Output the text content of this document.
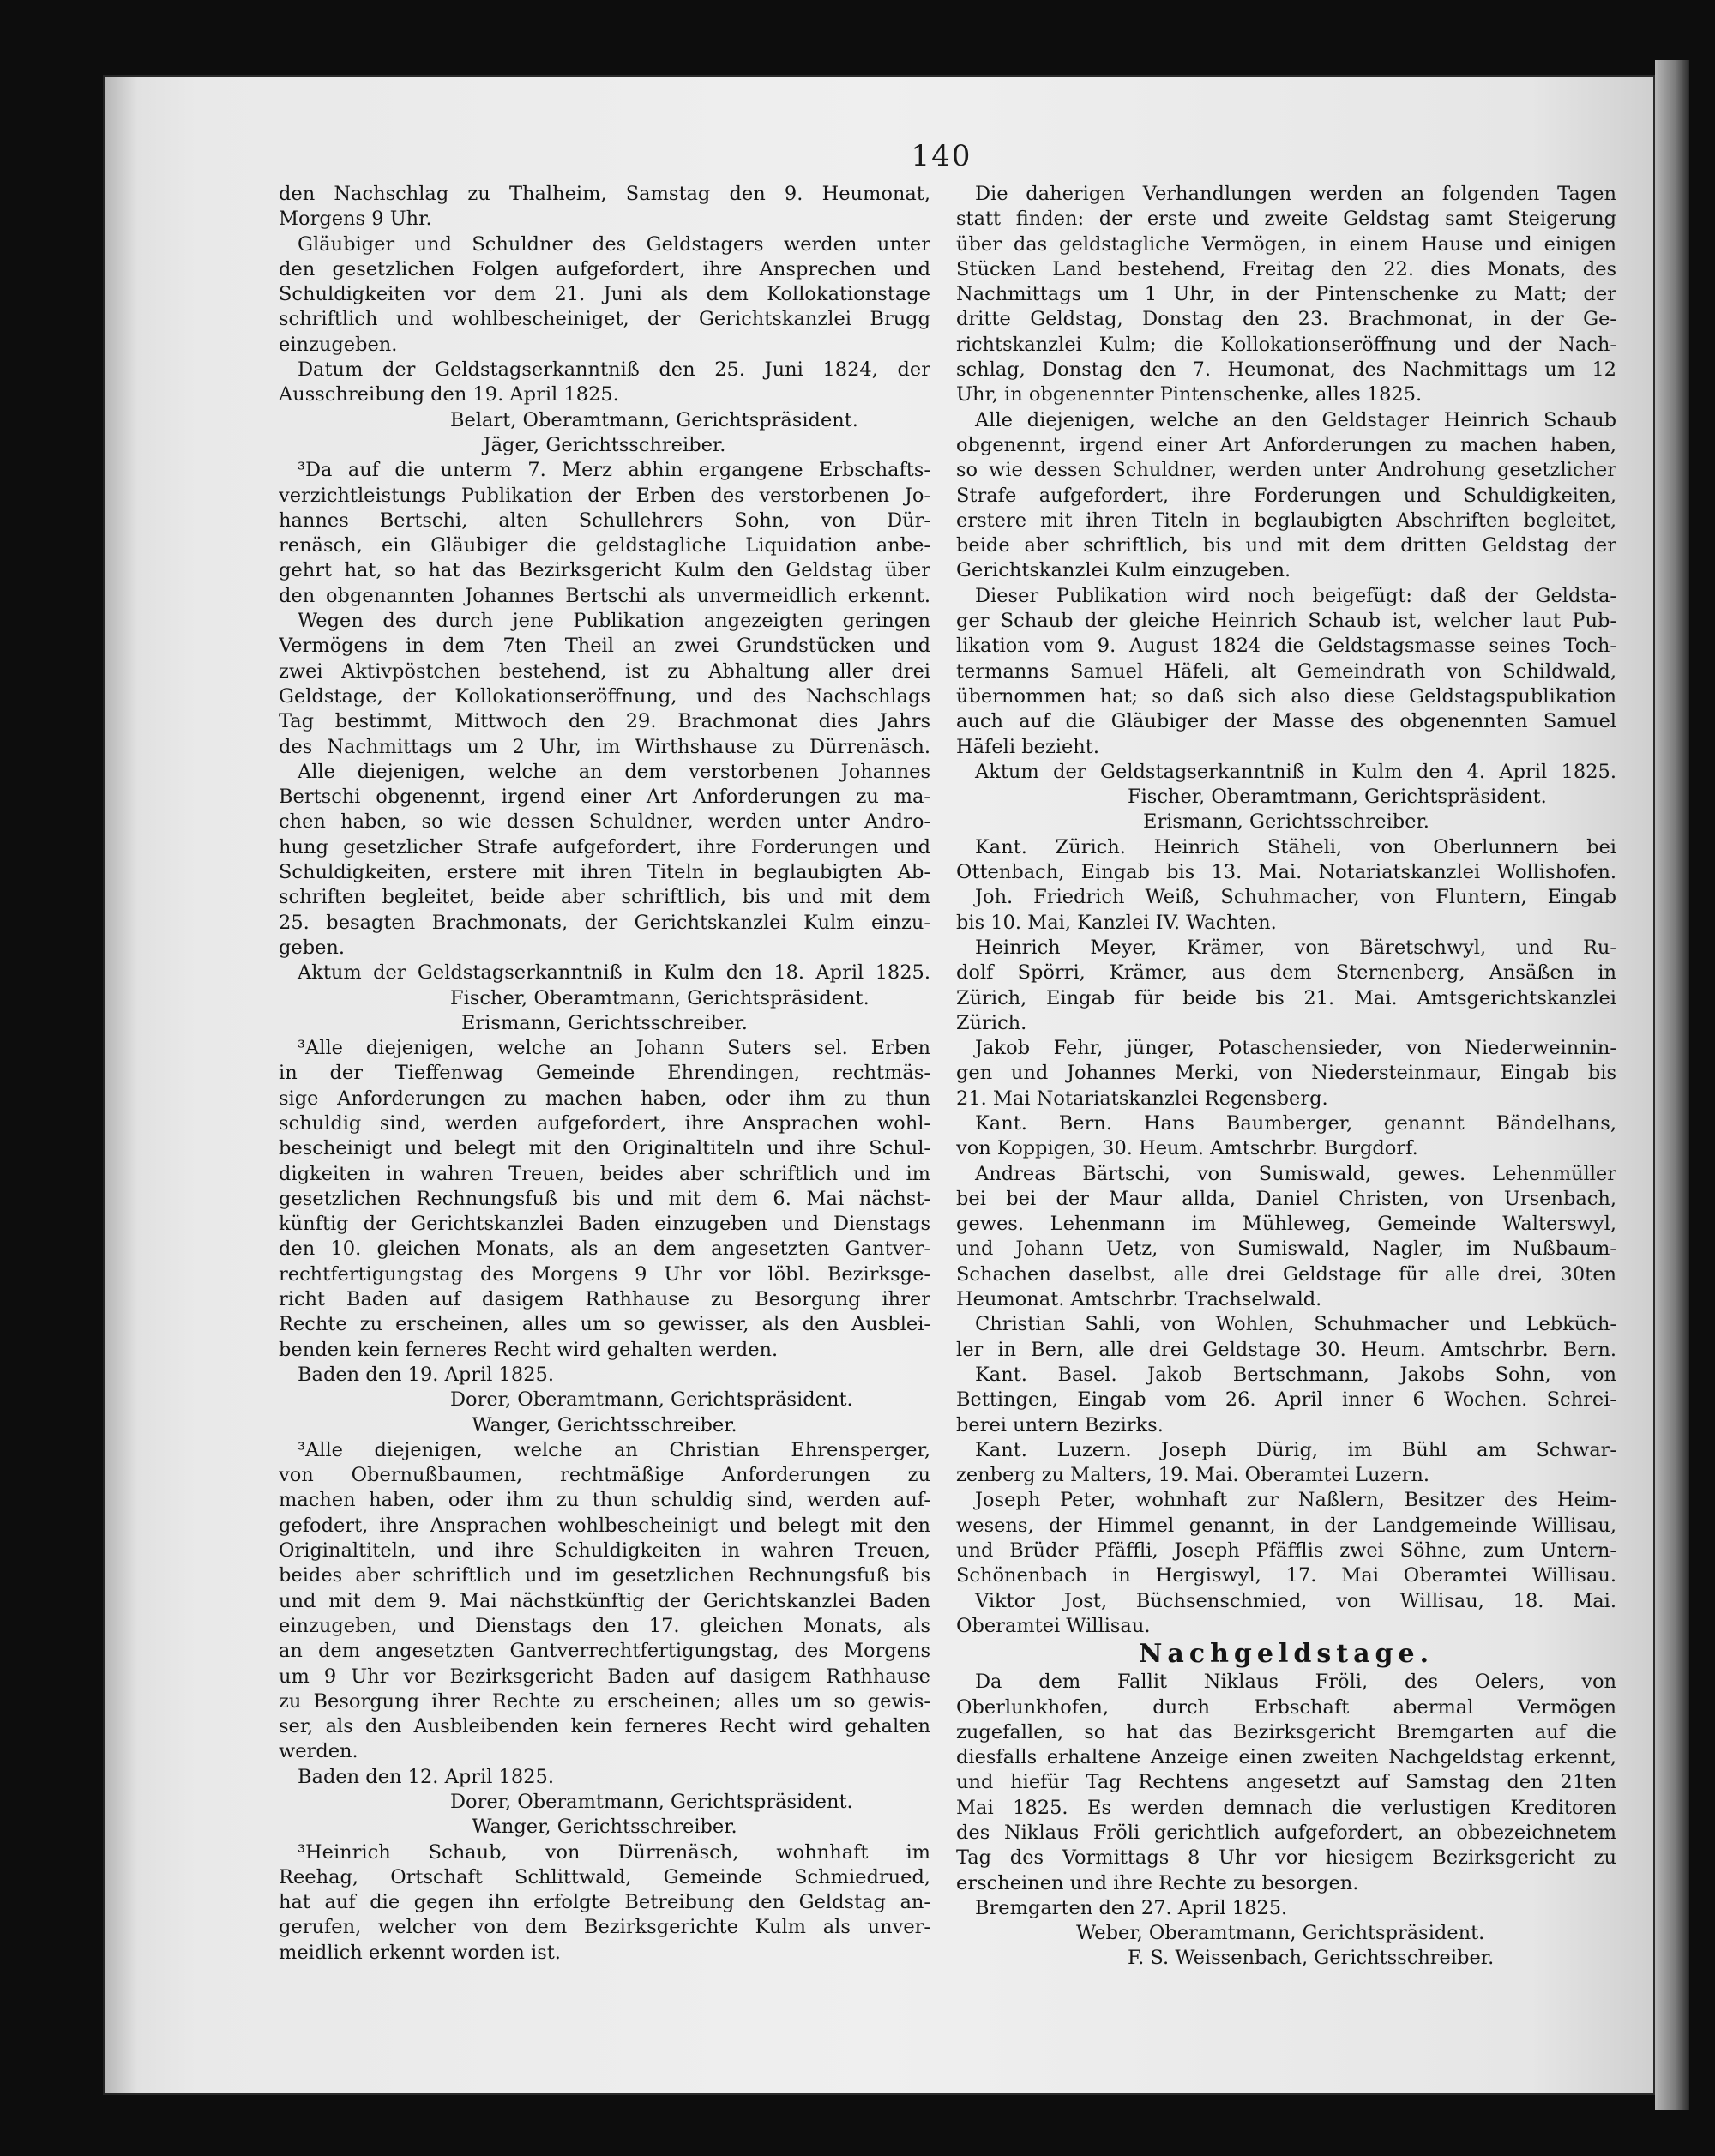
140
den Nachschlag zu Thalheim, Samstag den 9. Heumonat,
Morgens 9 Uhr.
Gläubiger und Schuldner des Geldstagers werden unter
den gesetzlichen Folgen aufgefordert, ihre Ansprechen und
Schuldigkeiten vor dem 21. Juni als dem Kollokationstage
schriftlich und wohlbescheiniget, der Gerichtskanzlei Brugg
einzugeben.
Datum der Geldstagserkanntniß den 25. Juni 1824, der
Ausschreibung den 19. April 1825.
Belart, Oberamtmann, Gerichtspräsident.
Jäger, Gerichtsschreiber.
³Da auf die unterm 7. Merz abhin ergangene Erbschafts-
verzichtleistungs Publikation der Erben des verstorbenen Jo-
hannes Bertschi, alten Schullehrers Sohn, von Dür-
renäsch, ein Gläubiger die geldstagliche Liquidation anbe-
gehrt hat, so hat das Bezirksgericht Kulm den Geldstag über
den obgenannten Johannes Bertschi als unvermeidlich erkennt.
Wegen des durch jene Publikation angezeigten geringen
Vermögens in dem 7ten Theil an zwei Grundstücken und
zwei Aktivpöstchen bestehend, ist zu Abhaltung aller drei
Geldstage, der Kollokationseröffnung, und des Nachschlags
Tag bestimmt, Mittwoch den 29. Brachmonat dies Jahrs
des Nachmittags um 2 Uhr, im Wirthshause zu Dürrenäsch.
Alle diejenigen, welche an dem verstorbenen Johannes
Bertschi obgenennt, irgend einer Art Anforderungen zu ma-
chen haben, so wie dessen Schuldner, werden unter Andro-
hung gesetzlicher Strafe aufgefordert, ihre Forderungen und
Schuldigkeiten, erstere mit ihren Titeln in beglaubigten Ab-
schriften begleitet, beide aber schriftlich, bis und mit dem
25. besagten Brachmonats, der Gerichtskanzlei Kulm einzu-
geben.
Aktum der Geldstagserkanntniß in Kulm den 18. April 1825.
Fischer, Oberamtmann, Gerichtspräsident.
Erismann, Gerichtsschreiber.
³Alle diejenigen, welche an Johann Suters sel. Erben
in der Tieffenwag Gemeinde Ehrendingen, rechtmäs-
sige Anforderungen zu machen haben, oder ihm zu thun
schuldig sind, werden aufgefordert, ihre Ansprachen wohl-
bescheinigt und belegt mit den Originaltiteln und ihre Schul-
digkeiten in wahren Treuen, beides aber schriftlich und im
gesetzlichen Rechnungsfuß bis und mit dem 6. Mai nächst-
künftig der Gerichtskanzlei Baden einzugeben und Dienstags
den 10. gleichen Monats, als an dem angesetzten Gantver-
rechtfertigungstag des Morgens 9 Uhr vor löbl. Bezirksge-
richt Baden auf dasigem Rathhause zu Besorgung ihrer
Rechte zu erscheinen, alles um so gewisser, als den Ausblei-
benden kein ferneres Recht wird gehalten werden.
Baden den 19. April 1825.
Dorer, Oberamtmann, Gerichtspräsident.
Wanger, Gerichtsschreiber.
³Alle diejenigen, welche an Christian Ehrensperger,
von Obernußbaumen, rechtmäßige Anforderungen zu
machen haben, oder ihm zu thun schuldig sind, werden auf-
gefodert, ihre Ansprachen wohlbescheinigt und belegt mit den
Originaltiteln, und ihre Schuldigkeiten in wahren Treuen,
beides aber schriftlich und im gesetzlichen Rechnungsfuß bis
und mit dem 9. Mai nächstkünftig der Gerichtskanzlei Baden
einzugeben, und Dienstags den 17. gleichen Monats, als
an dem angesetzten Gantverrechtfertigungstag, des Morgens
um 9 Uhr vor Bezirksgericht Baden auf dasigem Rathhause
zu Besorgung ihrer Rechte zu erscheinen; alles um so gewis-
ser, als den Ausbleibenden kein ferneres Recht wird gehalten
werden.
Baden den 12. April 1825.
Dorer, Oberamtmann, Gerichtspräsident.
Wanger, Gerichtsschreiber.
³Heinrich Schaub, von Dürrenäsch, wohnhaft im
Reehag, Ortschaft Schlittwald, Gemeinde Schmiedrued,
hat auf die gegen ihn erfolgte Betreibung den Geldstag an-
gerufen, welcher von dem Bezirksgerichte Kulm als unver-
meidlich erkennt worden ist.
Die daherigen Verhandlungen werden an folgenden Tagen
statt finden: der erste und zweite Geldstag samt Steigerung
über das geldstagliche Vermögen, in einem Hause und einigen
Stücken Land bestehend, Freitag den 22. dies Monats, des
Nachmittags um 1 Uhr, in der Pintenschenke zu Matt; der
dritte Geldstag, Donstag den 23. Brachmonat, in der Ge-
richtskanzlei Kulm; die Kollokationseröffnung und der Nach-
schlag, Donstag den 7. Heumonat, des Nachmittags um 12
Uhr, in obgenennter Pintenschenke, alles 1825.
Alle diejenigen, welche an den Geldstager Heinrich Schaub
obgenennt, irgend einer Art Anforderungen zu machen haben,
so wie dessen Schuldner, werden unter Androhung gesetzlicher
Strafe aufgefordert, ihre Forderungen und Schuldigkeiten,
erstere mit ihren Titeln in beglaubigten Abschriften begleitet,
beide aber schriftlich, bis und mit dem dritten Geldstag der
Gerichtskanzlei Kulm einzugeben.
Dieser Publikation wird noch beigefügt: daß der Geldsta-
ger Schaub der gleiche Heinrich Schaub ist, welcher laut Pub-
likation vom 9. August 1824 die Geldstagsmasse seines Toch-
termanns Samuel Häfeli, alt Gemeindrath von Schildwald,
übernommen hat; so daß sich also diese Geldstagspublikation
auch auf die Gläubiger der Masse des obgenennten Samuel
Häfeli bezieht.
Aktum der Geldstagserkanntniß in Kulm den 4. April 1825.
Fischer, Oberamtmann, Gerichtspräsident.
Erismann, Gerichtsschreiber.
Kant. Zürich. Heinrich Stäheli, von Oberlunnern bei
Ottenbach, Eingab bis 13. Mai. Notariatskanzlei Wollishofen.
Joh. Friedrich Weiß, Schuhmacher, von Fluntern, Eingab
bis 10. Mai, Kanzlei IV. Wachten.
Heinrich Meyer, Krämer, von Bäretschwyl, und Ru-
dolf Spörri, Krämer, aus dem Sternenberg, Ansäßen in
Zürich, Eingab für beide bis 21. Mai. Amtsgerichtskanzlei
Zürich.
Jakob Fehr, jünger, Potaschensieder, von Niederweinnin-
gen und Johannes Merki, von Niedersteinmaur, Eingab bis
21. Mai Notariatskanzlei Regensberg.
Kant. Bern. Hans Baumberger, genannt Bändelhans,
von Koppigen, 30. Heum. Amtschrbr. Burgdorf.
Andreas Bärtschi, von Sumiswald, gewes. Lehenmüller
bei bei der Maur allda, Daniel Christen, von Ursenbach,
gewes. Lehenmann im Mühleweg, Gemeinde Walterswyl,
und Johann Uetz, von Sumiswald, Nagler, im Nußbaum-
Schachen daselbst, alle drei Geldstage für alle drei, 30ten
Heumonat. Amtschrbr. Trachselwald.
Christian Sahli, von Wohlen, Schuhmacher und Lebküch-
ler in Bern, alle drei Geldstage 30. Heum. Amtschrbr. Bern.
Kant. Basel. Jakob Bertschmann, Jakobs Sohn, von
Bettingen, Eingab vom 26. April inner 6 Wochen. Schrei-
berei untern Bezirks.
Kant. Luzern. Joseph Dürig, im Bühl am Schwar-
zenberg zu Malters, 19. Mai. Oberamtei Luzern.
Joseph Peter, wohnhaft zur Naßlern, Besitzer des Heim-
wesens, der Himmel genannt, in der Landgemeinde Willisau,
und Brüder Pfäffli, Joseph Pfäfflis zwei Söhne, zum Untern-
Schönenbach in Hergiswyl, 17. Mai Oberamtei Willisau.
Viktor Jost, Büchsenschmied, von Willisau, 18. Mai.
Oberamtei Willisau.
Nachgeldstage.
Da dem Fallit Niklaus Fröli, des Oelers, von
Oberlunkhofen, durch Erbschaft abermal Vermögen
zugefallen, so hat das Bezirksgericht Bremgarten auf die
diesfalls erhaltene Anzeige einen zweiten Nachgeldstag erkennt,
und hiefür Tag Rechtens angesetzt auf Samstag den 21ten
Mai 1825. Es werden demnach die verlustigen Kreditoren
des Niklaus Fröli gerichtlich aufgefordert, an obbezeichnetem
Tag des Vormittags 8 Uhr vor hiesigem Bezirksgericht zu
erscheinen und ihre Rechte zu besorgen.
Bremgarten den 27. April 1825.
Weber, Oberamtmann, Gerichtspräsident.
F. S. Weissenbach, Gerichtsschreiber.
